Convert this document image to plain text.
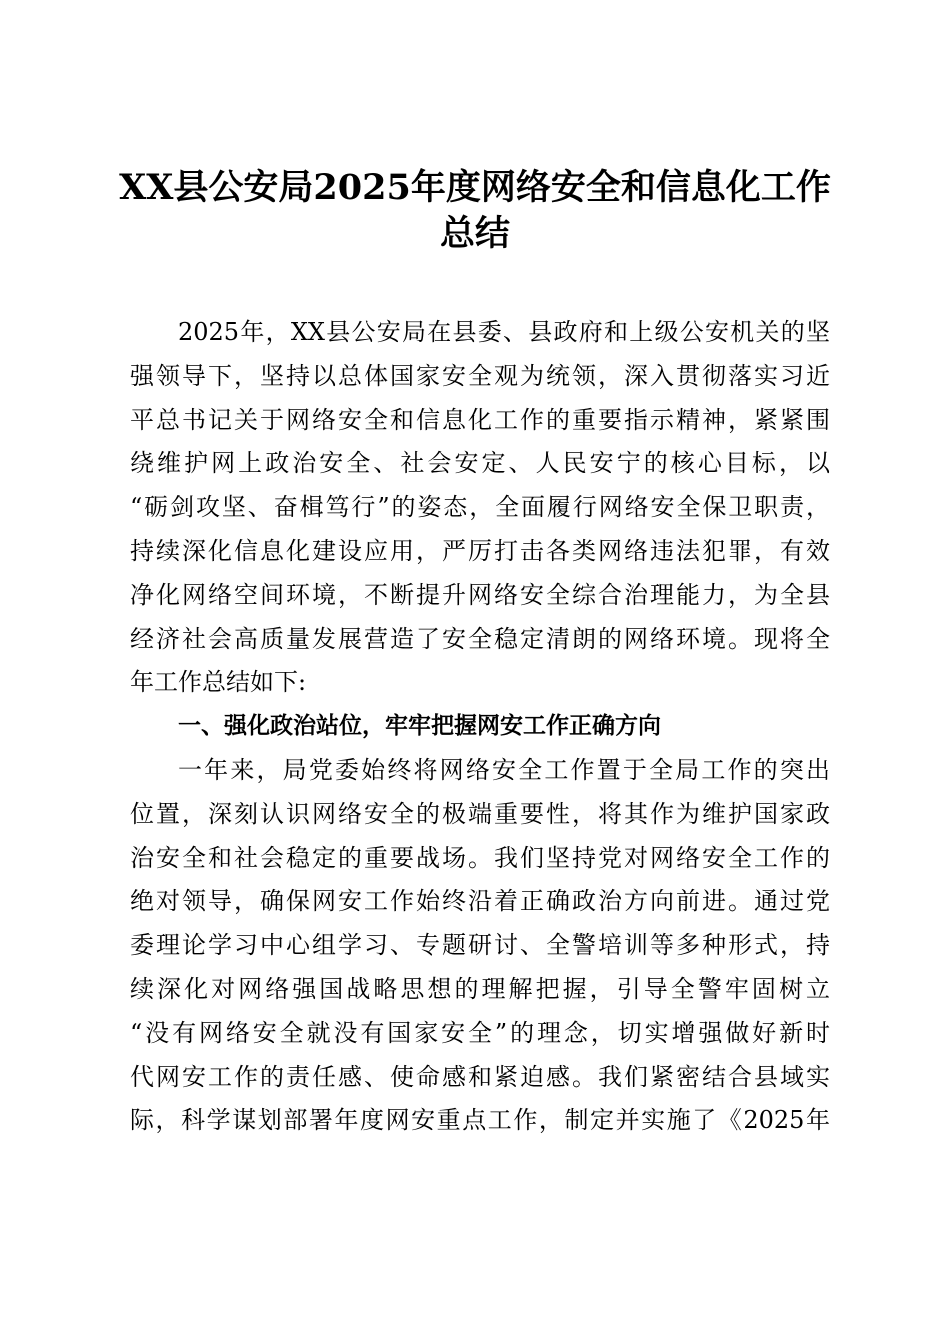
XX县公安局2025年度网络安全和信息化工作
总结
2025年，XX县公安局在县委、县政府和上级公安机关的坚
强领导下，坚持以总体国家安全观为统领，深入贯彻落实习近
平总书记关于网络安全和信息化工作的重要指示精神，紧紧围
绕维护网上政治安全、社会安定、人民安宁的核心目标，以
“砺剑攻坚、奋楫笃行”的姿态，全面履行网络安全保卫职责，
持续深化信息化建设应用，严厉打击各类网络违法犯罪，有效
净化网络空间环境，不断提升网络安全综合治理能力，为全县
经济社会高质量发展营造了安全稳定清朗的网络环境。现将全
年工作总结如下:
一、强化政治站位，牢牢把握网安工作正确方向
一年来，局党委始终将网络安全工作置于全局工作的突出
位置，深刻认识网络安全的极端重要性，将其作为维护国家政
治安全和社会稳定的重要战场。我们坚持党对网络安全工作的
绝对领导，确保网安工作始终沿着正确政治方向前进。通过党
委理论学习中心组学习、专题研讨、全警培训等多种形式，持
续深化对网络强国战略思想的理解把握，引导全警牢固树立
“没有网络安全就没有国家安全”的理念，切实增强做好新时
代网安工作的责任感、使命感和紧迫感。我们紧密结合县域实
际，科学谋划部署年度网安重点工作，制定并实施了《2025年
